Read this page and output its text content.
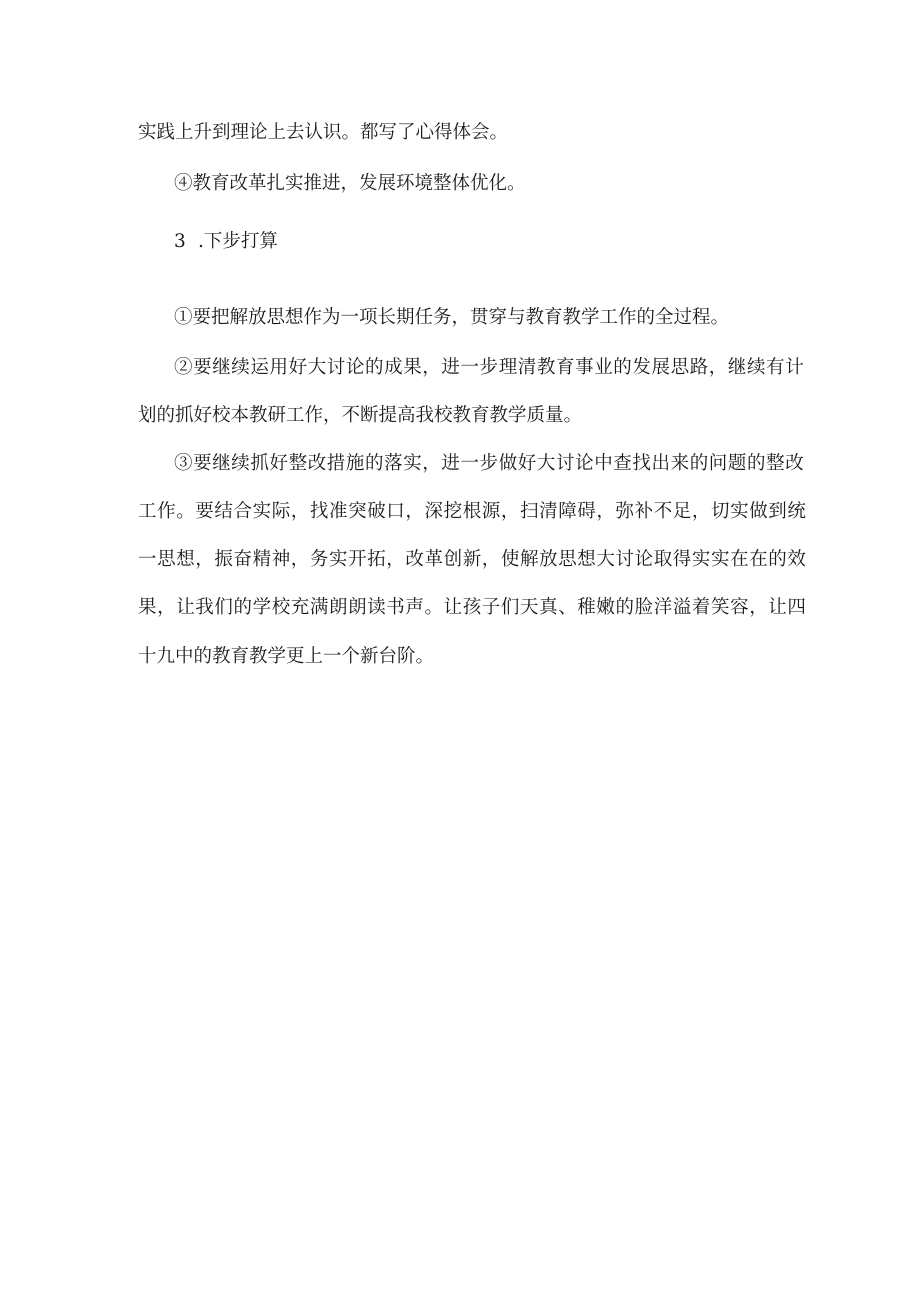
实践上升到理论上去认识。都写了心得体会。
④教育改革扎实推进，发展环境整体优化。
3 .下步打算
①要把解放思想作为一项长期任务，贯穿与教育教学工作的全过程。
②要继续运用好大讨论的成果，进一步理清教育事业的发展思路，继续有计
划的抓好校本教研工作，不断提高我校教育教学质量。
③要继续抓好整改措施的落实，进一步做好大讨论中查找出来的问题的整改
工作。要结合实际，找准突破口，深挖根源，扫清障碍，弥补不足，切实做到统
一思想，振奋精神，务实开拓，改革创新，使解放思想大讨论取得实实在在的效
果，让我们的学校充满朗朗读书声。让孩子们天真、稚嫩的脸洋溢着笑容，让四
十九中的教育教学更上一个新台阶。
